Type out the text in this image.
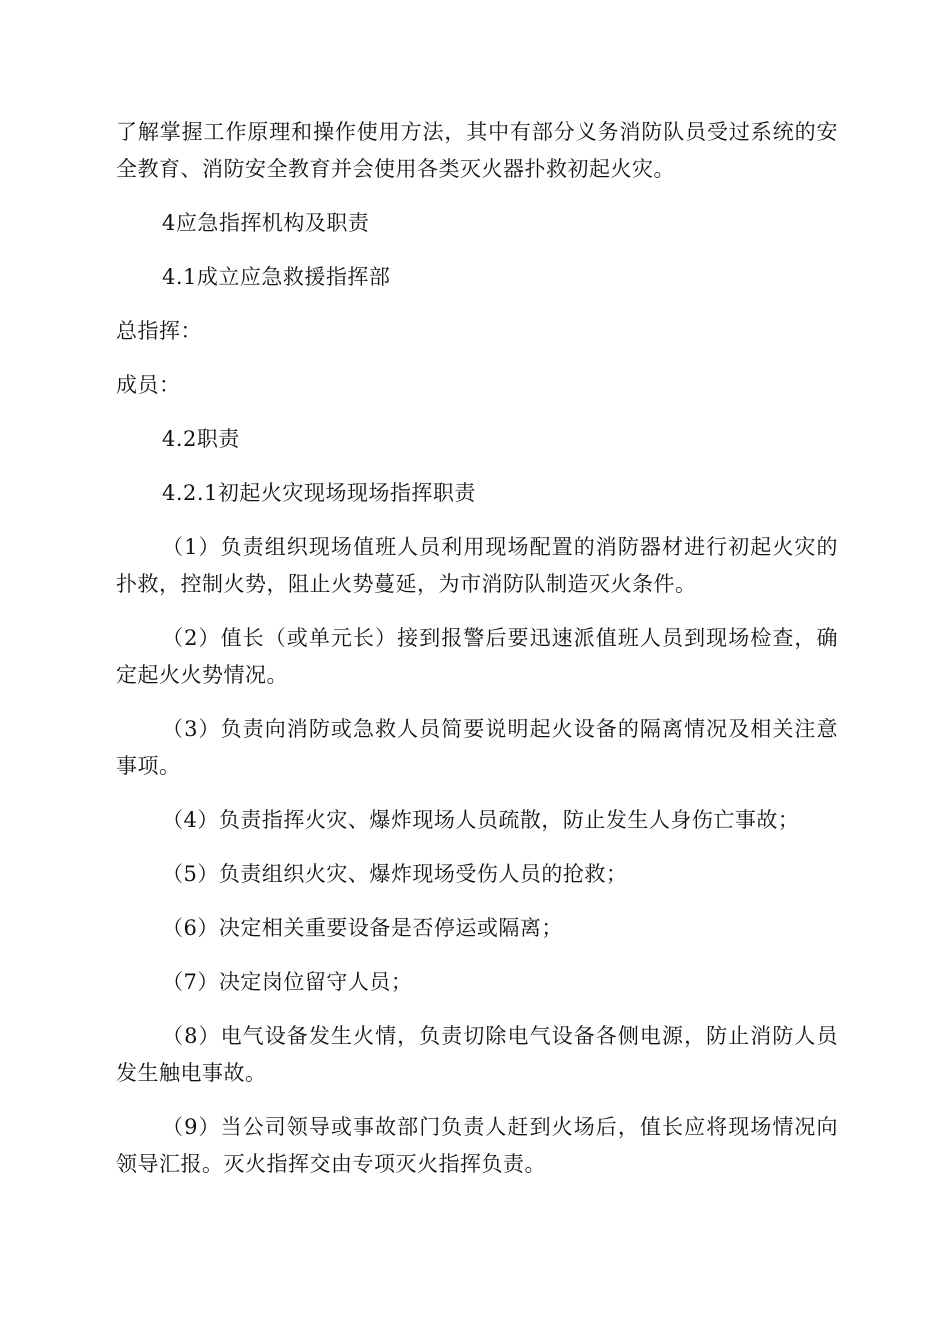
了解掌握工作原理和操作使用方法，其中有部分义务消防队员受过系统的安全教育、消防安全教育并会使用各类灭火器扑救初起火灾。

4应急指挥机构及职责

4.1成立应急救援指挥部

总指挥：

成员：

4.2职责

4.2.1初起火灾现场现场指挥职责

（1）负责组织现场值班人员利用现场配置的消防器材进行初起火灾的扑救，控制火势，阻止火势蔓延，为市消防队制造灭火条件。

（2）值长（或单元长）接到报警后要迅速派值班人员到现场检查，确定起火火势情况。

（3）负责向消防或急救人员简要说明起火设备的隔离情况及相关注意事项。

（4）负责指挥火灾、爆炸现场人员疏散，防止发生人身伤亡事故；

（5）负责组织火灾、爆炸现场受伤人员的抢救；

（6）决定相关重要设备是否停运或隔离；

（7）决定岗位留守人员；

（8）电气设备发生火情，负责切除电气设备各侧电源，防止消防人员发生触电事故。

（9）当公司领导或事故部门负责人赶到火场后，值长应将现场情况向领导汇报。灭火指挥交由专项灭火指挥负责。
